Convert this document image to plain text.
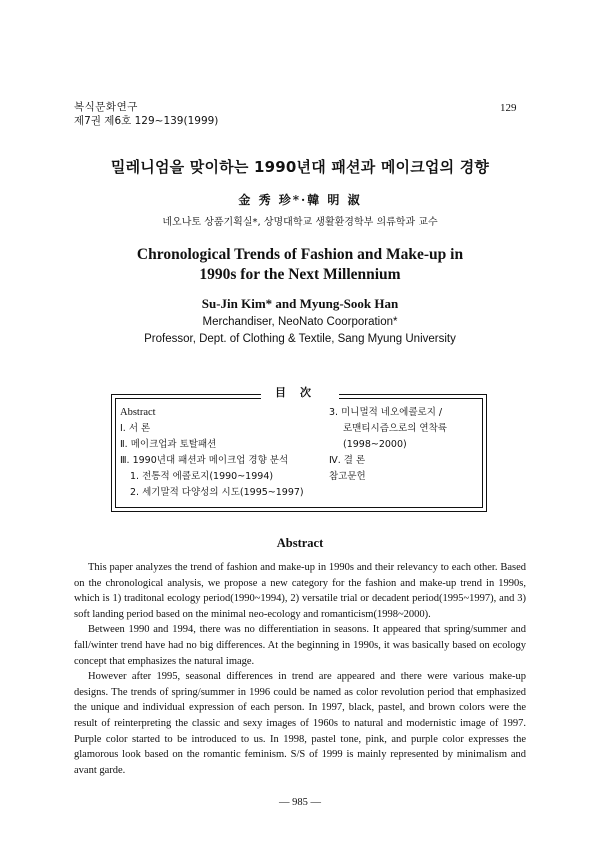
복식문화연구
제7권 제6호 129~139(1999)
129
밀레니엄을 맞이하는 1990년대 패션과 메이크업의 경향
金 秀 珍*·韓 明 淑
네오나토 상품기획실*, 상명대학교 생활환경학부 의류학과 교수
Chronological Trends of Fashion and Make-up in
1990s for the Next Millennium
Su-Jin Kim* and Myung-Sook Han
Merchandiser, NeoNato Coorporation*
Professor, Dept. of Clothing & Textile, Sang Myung University
目次
Abstract
Ⅰ. 서 론
Ⅱ. 메이크업과 토탈패션
Ⅲ. 1990년대 패션과 메이크업 경향 분석
1. 전통적 에콜로지(1990~1994)
2. 세기말적 다양성의 시도(1995~1997)
3. 미니멀적 네오에콜로지 /
로맨티시즘으로의 연착륙
(1998~2000)
Ⅳ. 결 론
참고문헌
Abstract

This paper analyzes the trend of fashion and make-up in 1990s and their relevancy to each other. Based on the chronological analysis, we propose a new category for the fashion and make-up trend in 1990s, which is 1) traditonal ecology period(1990~1994), 2) versatile trial or decadent period(1995~1997), and 3) soft landing period based on the minimal neo-ecology and romanticism(1998~2000).

Between 1990 and 1994, there was no differentiation in seasons. It appeared that spring/summer and fall/winter trend have had no big differences. At the beginning in 1990s, it was basically based on ecology concept that emphasizes the natural image.

However after 1995, seasonal differences in trend are appeared and there were various make-up designs. The trends of spring/summer in 1996 could be named as color revolution period that emphasized the unique and individual expression of each person. In 1997, black, pastel, and brown colors were the result of reinterpreting the classic and sexy images of 1960s to natural and modernistic image of 1997. Purple color started to be introduced to us. In 1998, pastel tone, pink, and purple color expresses the glamorous look based on the romantic feminism. S/S of 1999 is mainly represented by minimalism and avant garde.

— 985 —
